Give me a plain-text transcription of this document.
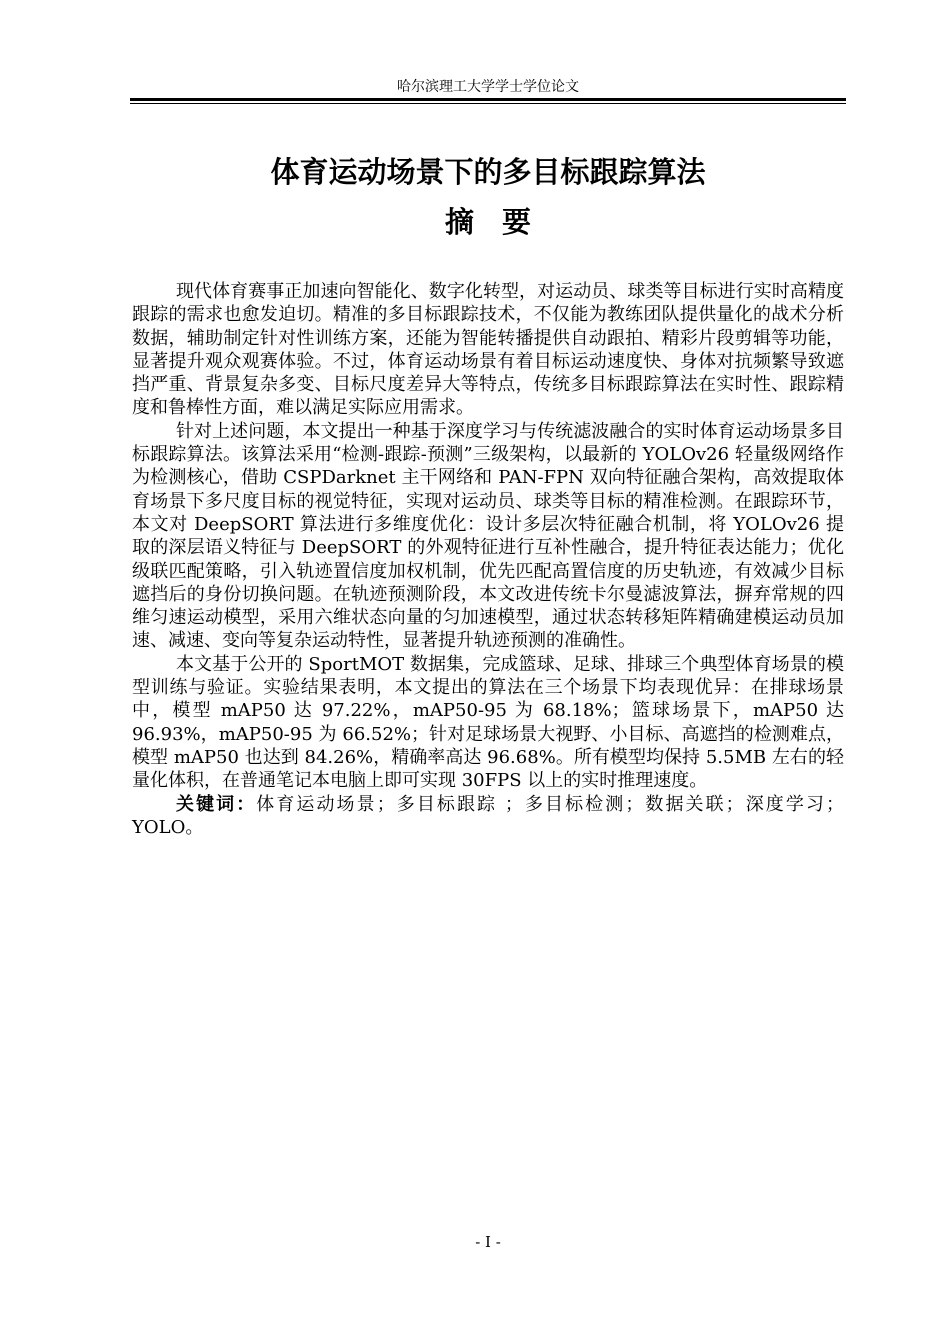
哈尔滨理工大学学士学位论文
体育运动场景下的多目标跟踪算法
摘要

现代体育赛事正加速向智能化、数字化转型，对运动员、球类等目标进行实时高精度跟踪的需求也愈发迫切。精准的多目标跟踪技术，不仅能为教练团队提供量化的战术分析数据，辅助制定针对性训练方案，还能为智能转播提供自动跟拍、精彩片段剪辑等功能，显著提升观众观赛体验。不过，体育运动场景有着目标运动速度快、身体对抗频繁导致遮挡严重、背景复杂多变、目标尺度差异大等特点，传统多目标跟踪算法在实时性、跟踪精度和鲁棒性方面，难以满足实际应用需求。

针对上述问题，本文提出一种基于深度学习与传统滤波融合的实时体育运动场景多目标跟踪算法。该算法采用“检测-跟踪-预测”三级架构，以最新的 YOLOv26 轻量级网络作为检测核心，借助 CSPDarknet 主干网络和 PAN-FPN 双向特征融合架构，高效提取体育场景下多尺度目标的视觉特征，实现对运动员、球类等目标的精准检测。在跟踪环节，本文对 DeepSORT 算法进行多维度优化：设计多层次特征融合机制，将 YOLOv26 提取的深层语义特征与 DeepSORT 的外观特征进行互补性融合，提升特征表达能力；优化级联匹配策略，引入轨迹置信度加权机制，优先匹配高置信度的历史轨迹，有效减少目标遮挡后的身份切换问题。在轨迹预测阶段，本文改进传统卡尔曼滤波算法，摒弃常规的四维匀速运动模型，采用六维状态向量的匀加速模型，通过状态转移矩阵精确建模运动员加速、减速、变向等复杂运动特性，显著提升轨迹预测的准确性。

本文基于公开的 SportMOT 数据集，完成篮球、足球、排球三个典型体育场景的模型训练与验证。实验结果表明，本文提出的算法在三个场景下均表现优异：在排球场景中，模型 mAP50 达 97.22%，mAP50-95 为 68.18%；篮球场景下，mAP50 达 96.93%，mAP50-95 为 66.52%；针对足球场景大视野、小目标、高遮挡的检测难点，模型 mAP50 也达到 84.26%，精确率高达 96.68%。所有模型均保持 5.5MB 左右的轻量化体积，在普通笔记本电脑上即可实现 30FPS 以上的实时推理速度。

关键词：体育运动场景；多目标跟踪 ；多目标检测；数据关联；深度学习；YOLO。

- I -
